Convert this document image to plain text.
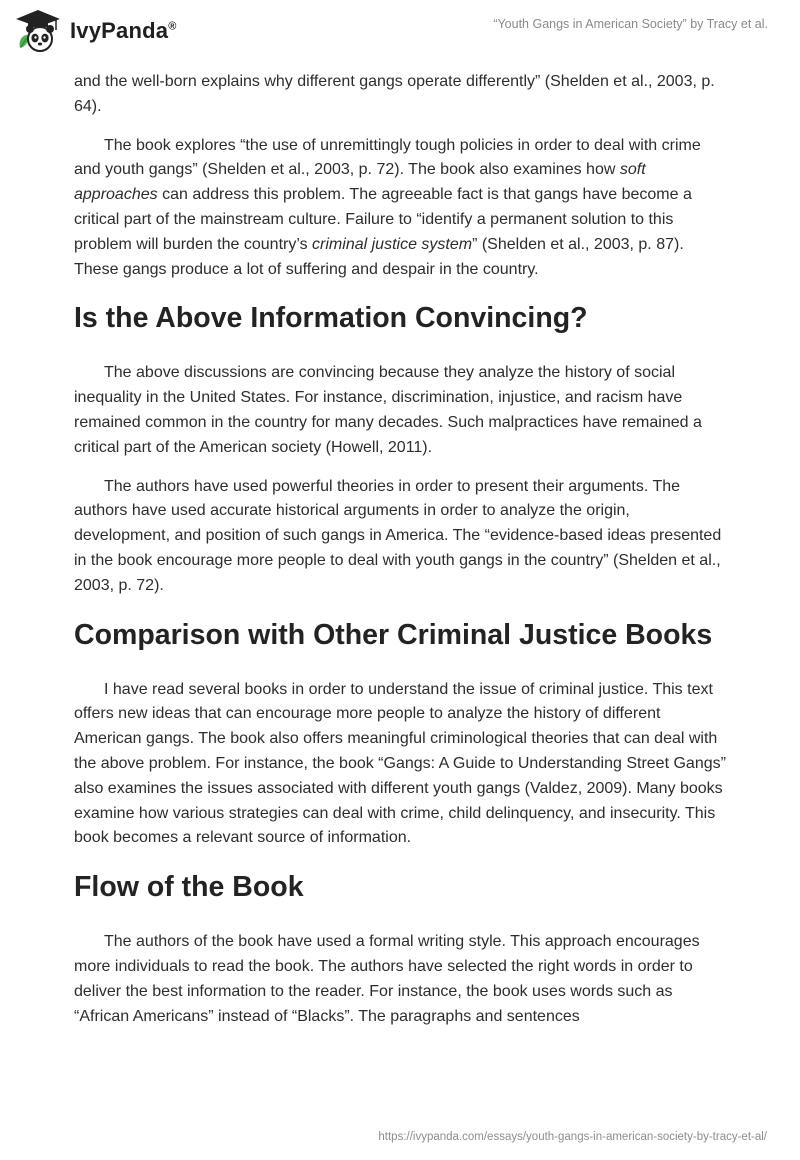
IvyPanda®	“Youth Gangs in American Society” by Tracy et al.

and the well-born explains why different gangs operate differently” (Shelden et al., 2003, p. 64).

The book explores “the use of unremittingly tough policies in order to deal with crime and youth gangs” (Shelden et al., 2003, p. 72). The book also examines how soft approaches can address this problem. The agreeable fact is that gangs have become a critical part of the mainstream culture. Failure to “identify a permanent solution to this problem will burden the country’s criminal justice system” (Shelden et al., 2003, p. 87). These gangs produce a lot of suffering and despair in the country.

Is the Above Information Convincing?

The above discussions are convincing because they analyze the history of social inequality in the United States. For instance, discrimination, injustice, and racism have remained common in the country for many decades. Such malpractices have remained a critical part of the American society (Howell, 2011).

The authors have used powerful theories in order to present their arguments. The authors have used accurate historical arguments in order to analyze the origin, development, and position of such gangs in America. The “evidence-based ideas presented in the book encourage more people to deal with youth gangs in the country” (Shelden et al., 2003, p. 72).

Comparison with Other Criminal Justice Books

I have read several books in order to understand the issue of criminal justice. This text offers new ideas that can encourage more people to analyze the history of different American gangs. The book also offers meaningful criminological theories that can deal with the above problem. For instance, the book “Gangs: A Guide to Understanding Street Gangs” also examines the issues associated with different youth gangs (Valdez, 2009). Many books examine how various strategies can deal with crime, child delinquency, and insecurity. This book becomes a relevant source of information.

Flow of the Book

The authors of the book have used a formal writing style. This approach encourages more individuals to read the book. The authors have selected the right words in order to deliver the best information to the reader. For instance, the book uses words such as “African Americans” instead of “Blacks”. The paragraphs and sentences

https://ivypanda.com/essays/youth-gangs-in-american-society-by-tracy-et-al/
